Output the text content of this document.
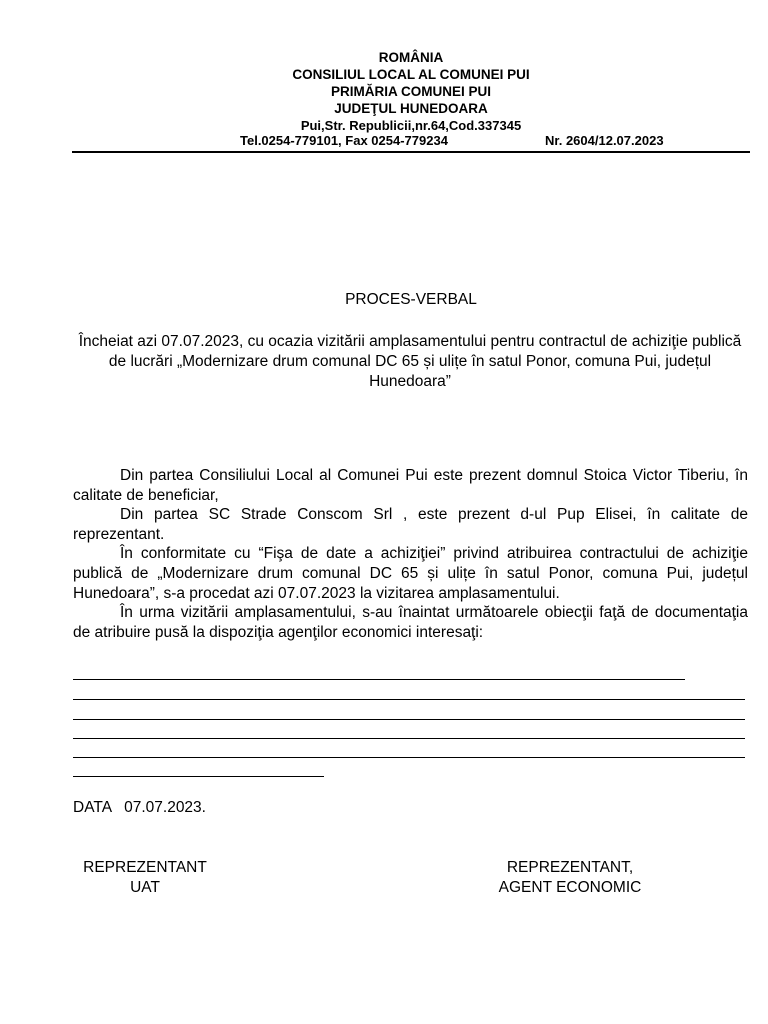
ROMÂNIA
CONSILIUL LOCAL AL COMUNEI PUI
PRIMĂRIA COMUNEI PUI
JUDEŢUL HUNEDOARA
Pui,Str. Republicii,nr.64,Cod.337345
Tel.0254-779101, Fax 0254-779234	Nr. 2604/12.07.2023
PROCES-VERBAL
Încheiat azi 07.07.2023, cu ocazia vizitării amplasamentului pentru contractul de achiziţie publică de lucrări „Modernizare drum comunal DC 65 și ulițe în satul Ponor, comuna Pui, județul Hunedoara”

Din partea Consiliului Local al Comunei Pui este prezent domnul Stoica Victor Tiberiu, în calitate de beneficiar,

Din partea SC Strade Conscom Srl , este prezent d-ul Pup Elisei, în calitate de reprezentant.

În conformitate cu “Fişa de date a achiziţiei” privind atribuirea contractului de achiziţie publică de „Modernizare drum comunal DC 65 și ulițe în satul Ponor, comuna Pui, județul Hunedoara”, s-a procedat azi 07.07.2023 la vizitarea amplasamentului.

În urma vizitării amplasamentului, s-au înaintat următoarele obiecţii faţă de documentaţia de atribuire pusă la dispoziţia agenţilor economici interesaţi:

DATA   07.07.2023.
REPREZENTANT
UAT
REPREZENTANT,
AGENT ECONOMIC
